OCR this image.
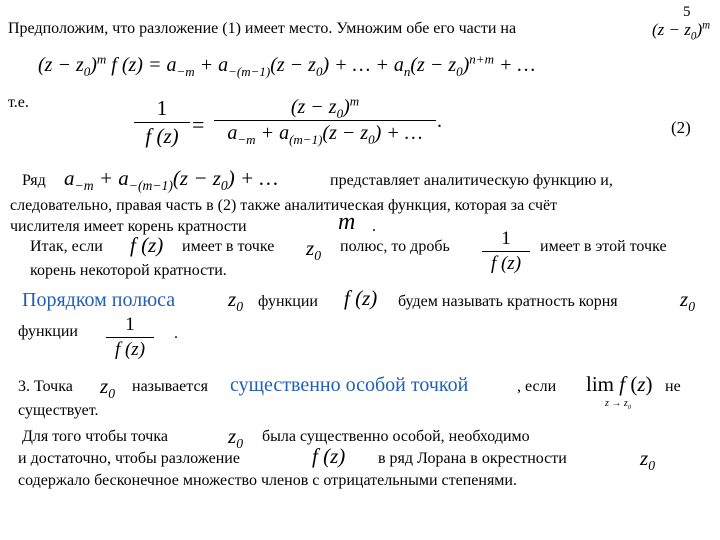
5
Предположим, что разложение (1) имеет место. Умножим обе его части на	$(z - z_0)^m$
$(z - z_0)^m$ f $(z) = a_{-m} + a_{-(m-1)}(z - z_0)$ + … + $a_n(z - z_0)^{n+m}$ + …
т.е.	1
f (z) =
$(z - z_0)^m$
$a_{-m} + a_{(m-1)}(z - z_0)$ + …
.	(2)
Ряд $a_{-m} + a_{-(m-1)}(z - z_0)$ + …	представляет аналитическую функцию и,
следовательно, правая часть в (2) также аналитическая функция, которая за счёт
числителя имеет корень кратности	m .
Итак, если f (z) имеет в точке $z_0$
полюс, то дробь	1
f (z)
имеет в этой точке
корень некоторой кратности.
Порядком полюса	$z_0$ функции f (z) будем называть кратность корня	$z_0$
функции	1
f (z)
.
3. Точка $z_0$ называется существенно особой точкой	, если lim f (z)
$z \to z_0$
не
существует.
Для того чтобы точка	$z_0$ была существенно особой, необходимо
и достаточно, чтобы разложение	f (z) в ряд Лорана в окрестности	$z_0$
содержало бесконечное множество членов с отрицательными степенями.
